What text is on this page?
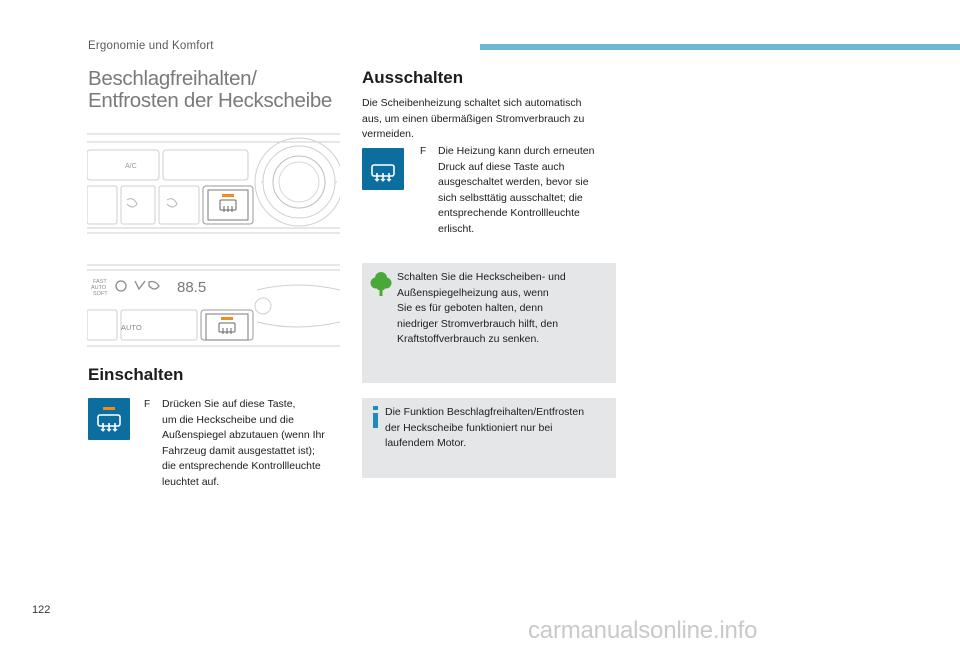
Ergonomie und Komfort
Beschlagfreihalten/
Entfrosten der Heckscheibe
A/C
FAST
AUTO
SOFT	88.5
AUTO
Einschalten
F	Drücken Sie auf diese Taste,
um die Heckscheibe und die
Außenspiegel abzutauen (wenn Ihr
Fahrzeug damit ausgestattet ist);
die entsprechende Kontrollleuchte
leuchtet auf.
Ausschalten
Die Scheibenheizung schaltet sich automatisch
aus, um einen übermäßigen Stromverbrauch zu
vermeiden.
F	Die Heizung kann durch erneuten
Druck auf diese Taste auch
ausgeschaltet werden, bevor sie
sich selbsttätig ausschaltet; die
entsprechende Kontrollleuchte
erlischt.
Schalten Sie die Heckscheiben- und
Außenspiegelheizung aus, wenn
Sie es für geboten halten, denn
niedriger Stromverbrauch hilft, den
Kraftstoffverbrauch zu senken.
Die Funktion Beschlagfreihalten/Entfrosten
der Heckscheibe funktioniert nur bei
laufendem Motor.
122
carmanualsonline.info
